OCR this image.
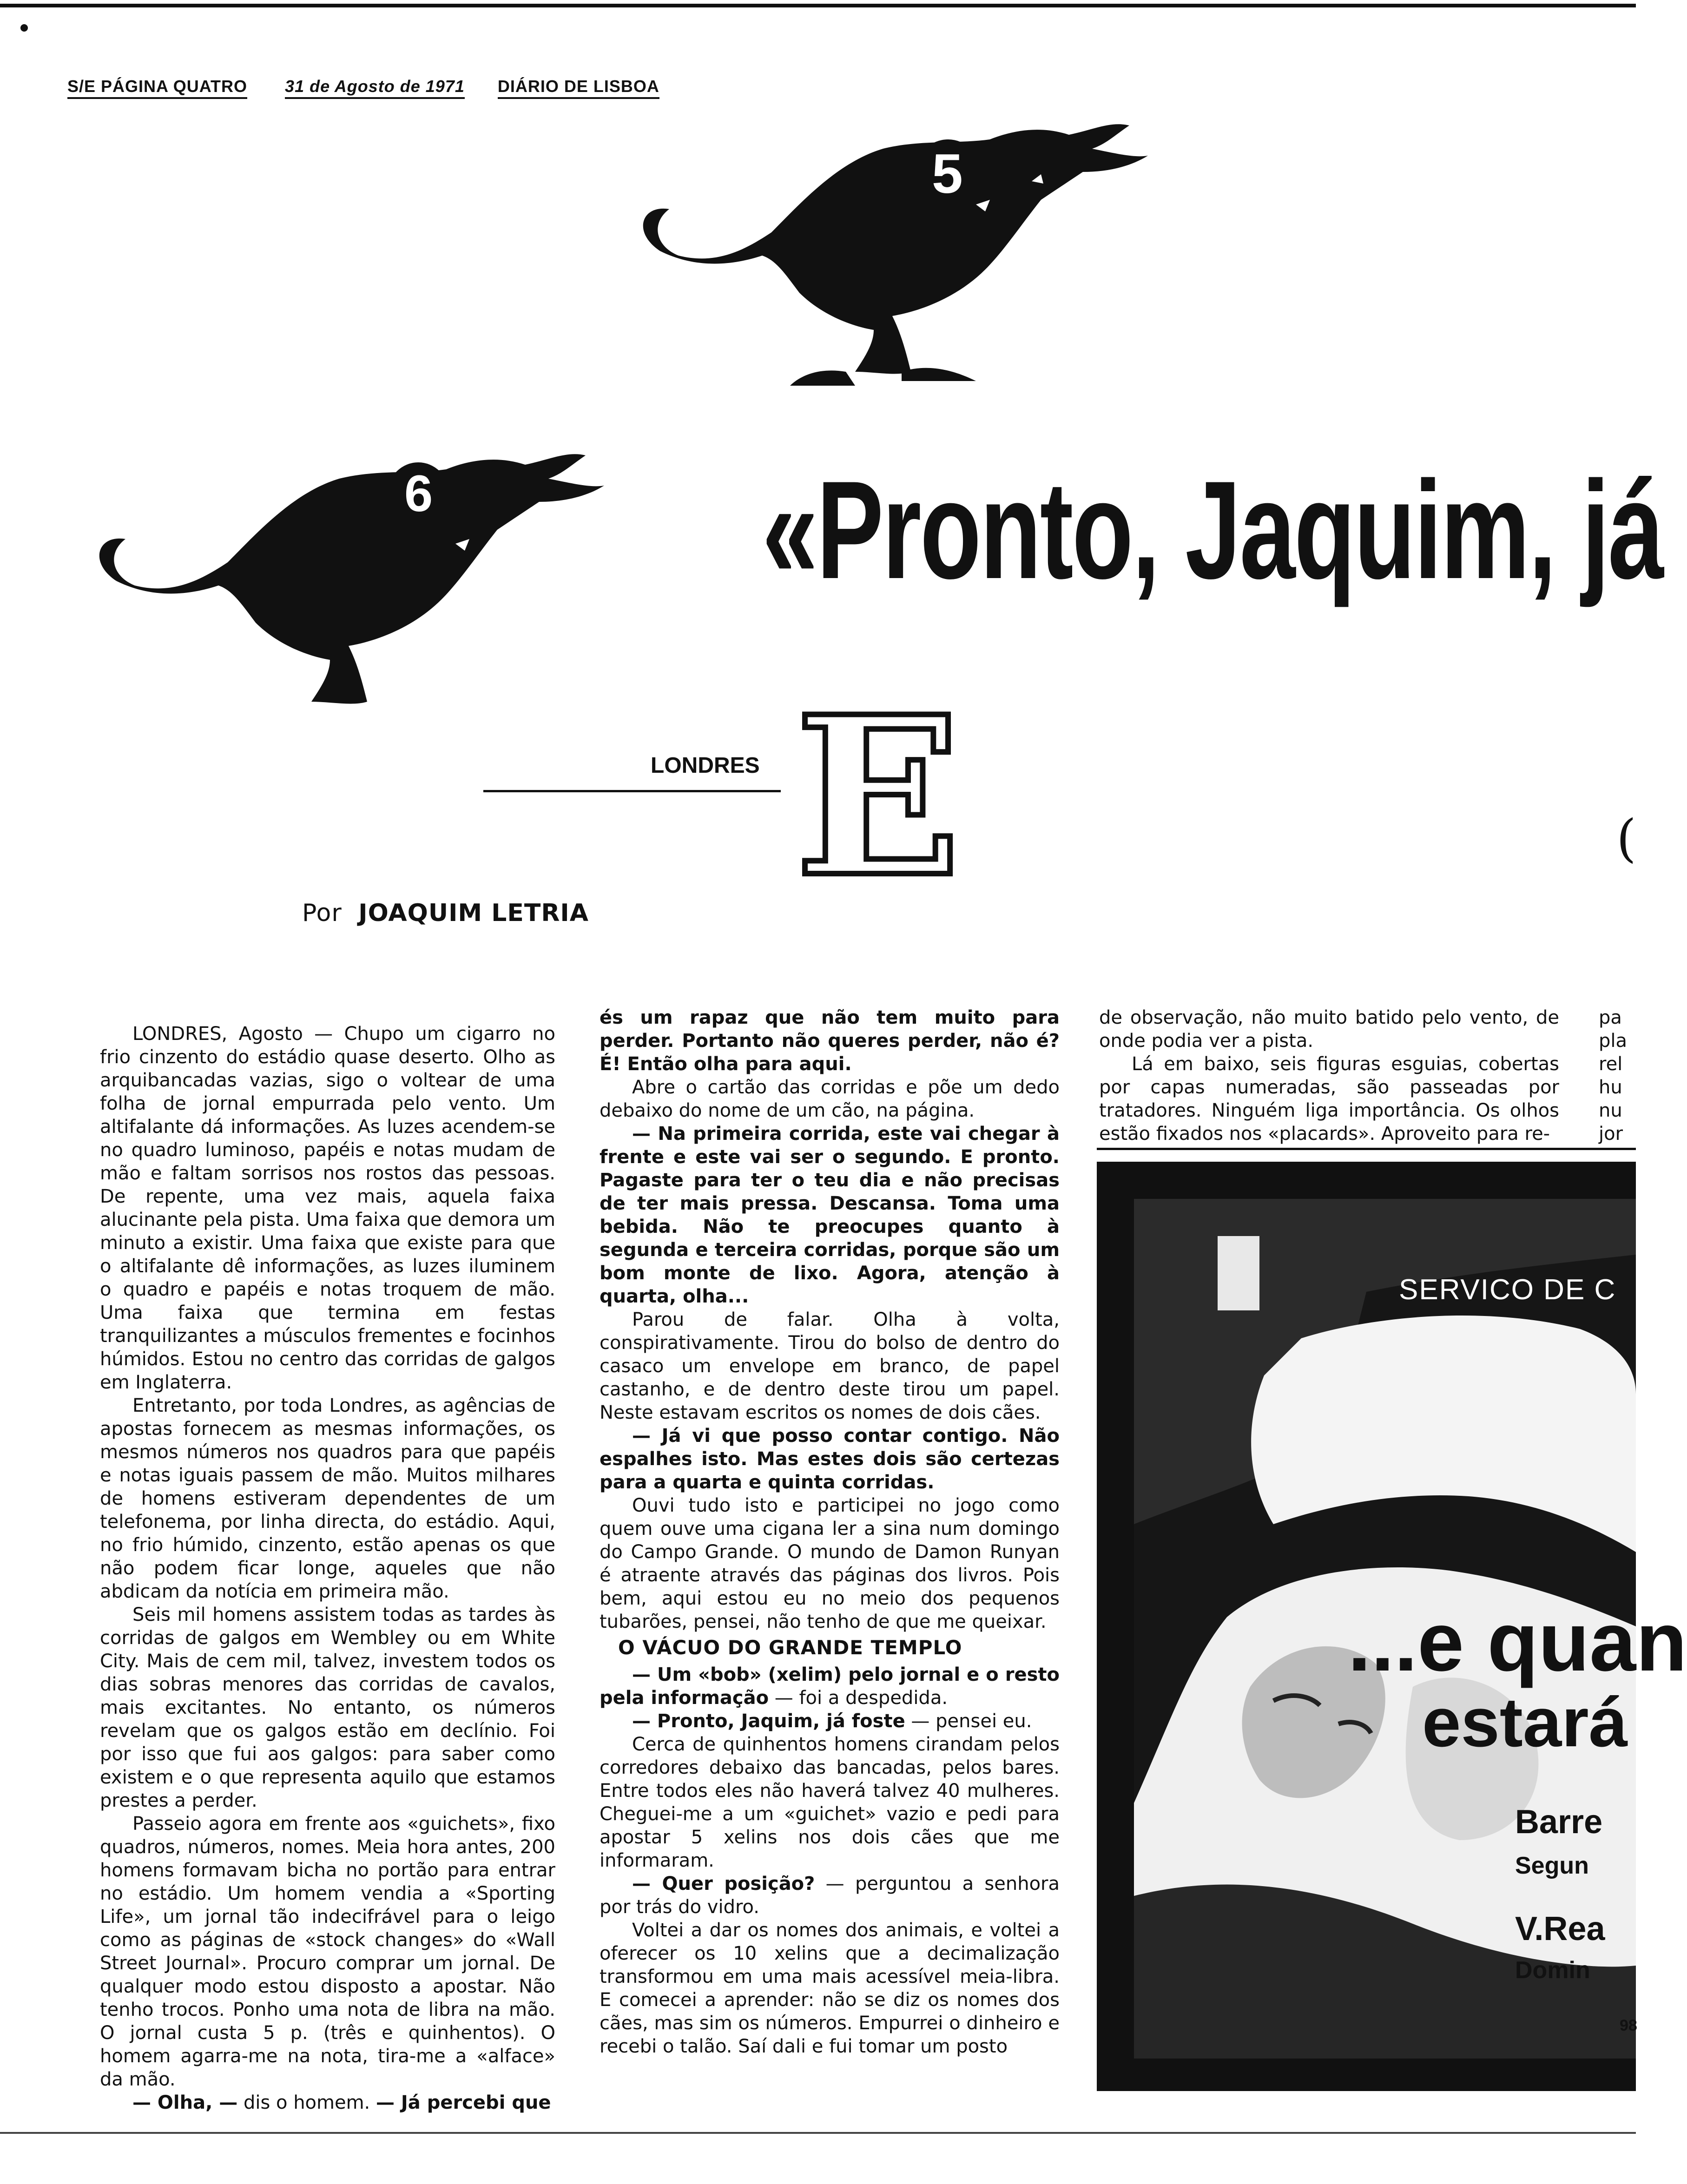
S/E PÁGINA QUATRO 31 de Agosto de 1971 DIÁRIO DE LISBOA
5
6 «Pronto, Jaquim, já
LONDRES E	(
Por JOAQUIM LETRIA

LONDRES, Agosto — Chupo um cigarro no frio cinzento do estádio quase deserto. Olho as arquibancadas vazias, sigo o voltear de uma folha de jornal empurrada pelo vento. Um altifalante dá informações. As luzes acendem-se no quadro luminoso, papéis e notas mudam de mão e faltam sorrisos nos rostos das pessoas. De repente, uma vez mais, aquela faixa alucinante pela pista. Uma faixa que demora um minuto a existir. Uma faixa que existe para que o altifalante dê informações, as luzes iluminem o quadro e papéis e notas troquem de mão. Uma faixa que termina em festas tranquilizantes a músculos frementes e focinhos húmidos. Estou no centro das corridas de galgos em Inglaterra.

Entretanto, por toda Londres, as agências de apostas fornecem as mesmas informações, os mesmos números nos quadros para que papéis e notas iguais passem de mão. Muitos milhares de homens estiveram dependentes de um telefonema, por linha directa, do estádio. Aqui, no frio húmido, cinzento, estão apenas os que não podem ficar longe, aqueles que não abdicam da notícia em primeira mão.

Seis mil homens assistem todas as tardes às corridas de galgos em Wembley ou em White City. Mais de cem mil, talvez, investem todos os dias sobras menores das corridas de cavalos, mais excitantes. No entanto, os números revelam que os galgos estão em declínio. Foi por isso que fui aos galgos: para saber como existem e o que representa aquilo que estamos prestes a perder.

Passeio agora em frente aos «guichets», fixo quadros, números, nomes. Meia hora antes, 200 homens formavam bicha no portão para entrar no estádio. Um homem vendia a «Sporting Life», um jornal tão indecifrável para o leigo como as páginas de «stock changes» do «Wall Street Journal». Procuro comprar um jornal. De qualquer modo estou disposto a apostar. Não tenho trocos. Ponho uma nota de libra na mão. O jornal custa 5 p. (três e quinhentos). O homem agarra-me na nota, tira-me a «alface» da mão.

— Olha, — dis o homem. — Já percebi que

és um rapaz que não tem muito para perder. Portanto não queres perder, não é? É! Então olha para aqui.

Abre o cartão das corridas e põe um dedo debaixo do nome de um cão, na página.

— Na primeira corrida, este vai chegar à frente e este vai ser o segundo. E pronto. Pagaste para ter o teu dia e não precisas de ter mais pressa. Descansa. Toma uma bebida. Não te preocupes quanto à segunda e terceira corridas, porque são um bom monte de lixo. Agora, atenção à quarta, olha...

Parou de falar. Olha à volta, conspirativamente. Tirou do bolso de dentro do casaco um envelope em branco, de papel castanho, e de dentro deste tirou um papel. Neste estavam escritos os nomes de dois cães.

— Já vi que posso contar contigo. Não espalhes isto. Mas estes dois são certezas para a quarta e quinta corridas.

Ouvi tudo isto e participei no jogo como quem ouve uma cigana ler a sina num domingo do Campo Grande. O mundo de Damon Runyan é atraente através das páginas dos livros. Pois bem, aqui estou eu no meio dos pequenos tubarões, pensei, não tenho de que me queixar.

O VÁCUO DO GRANDE TEMPLO

— Um «bob» (xelim) pelo jornal e o resto pela informação — foi a despedida.

— Pronto, Jaquim, já foste — pensei eu.

Cerca de quinhentos homens cirandam pelos corredores debaixo das bancadas, pelos bares. Entre todos eles não haverá talvez 40 mulheres. Cheguei-me a um «guichet» vazio e pedi para apostar 5 xelins nos dois cães que me informaram.

— Quer posição? — perguntou a senhora por trás do vidro.

Voltei a dar os nomes dos animais, e voltei a oferecer os 10 xelins que a decimalização transformou em uma mais acessível meia-libra. E comecei a aprender: não se diz os nomes dos cães, mas sim os números. Empurrei o dinheiro e recebi o talão. Saí dali e fui tomar um posto

de observação, não muito batido pelo vento, de onde podia ver a pista.

Lá em baixo, seis figuras esguias, cobertas por capas numeradas, são passeadas por tratadores. Ninguém liga importância. Os olhos estão fixados nos «placards». Aproveito para re-

pa
pla
rel
hu
nu
jor
SERVICO DE C
...e quan
estará
Barre
Segun
V.Rea
Domin
98
